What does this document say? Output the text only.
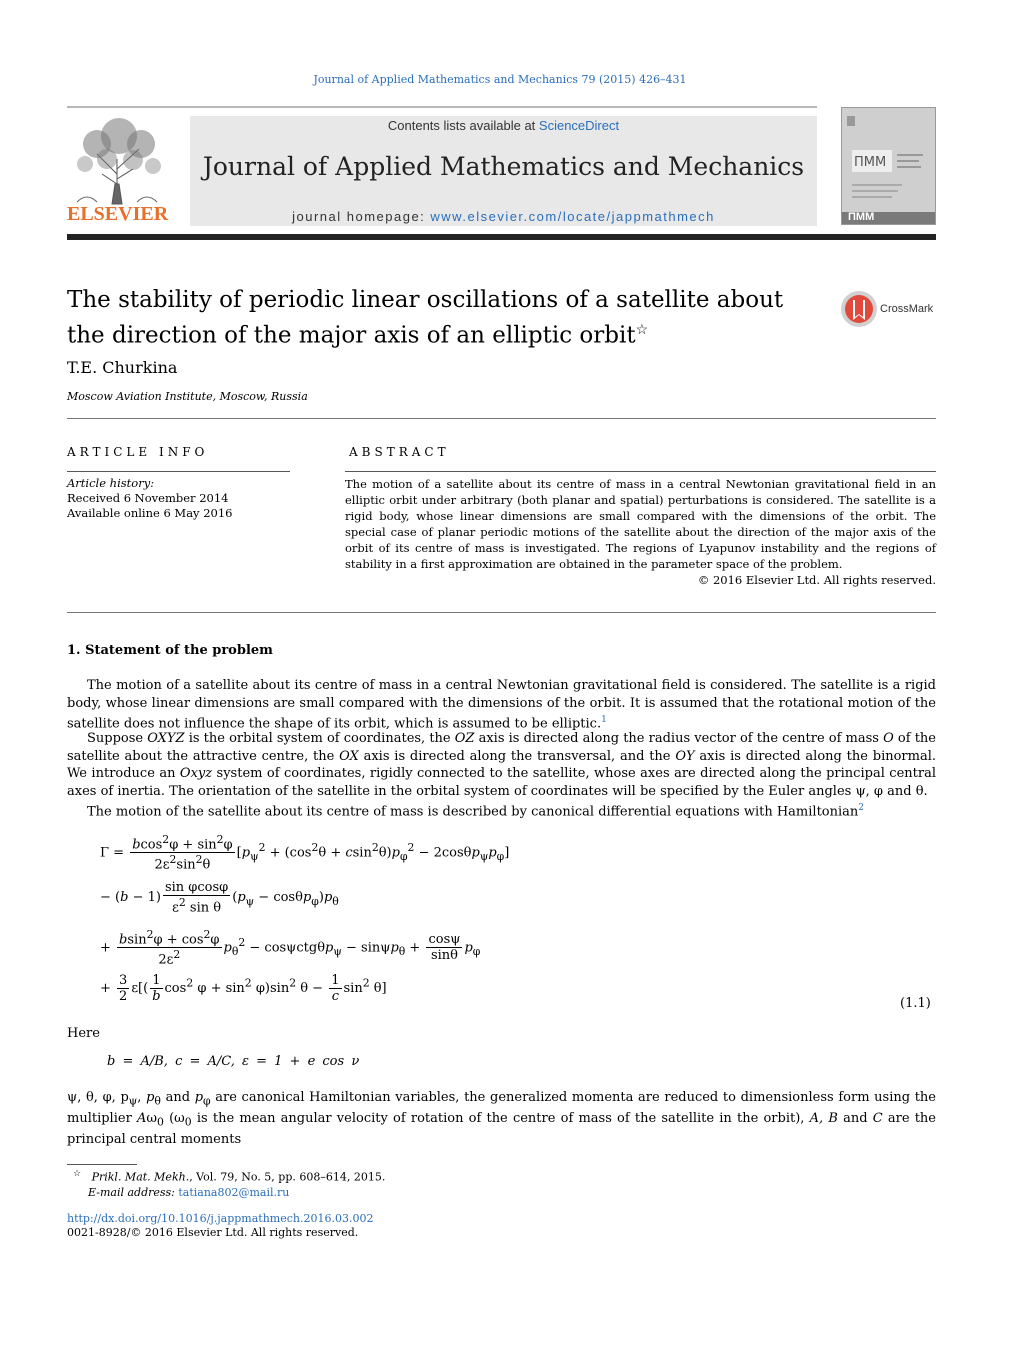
Journal of Applied Mathematics and Mechanics 79 (2015) 426–431
ELSEVIER
Contents lists available at ScienceDirect
Journal of Applied Mathematics and Mechanics
journal homepage: www.elsevier.com/locate/jappmathmech
ПММ
ПММ
The stability of periodic linear oscillations of a satellite about the direction of the major axis of an elliptic orbit☆
CrossMark
T.E. Churkina
Moscow Aviation Institute, Moscow, Russia
ARTICLE INFO	ABSTRACT
Article history:
Received 6 November 2014
Available online 6 May 2016
The motion of a satellite about its centre of mass in a central Newtonian gravitational field in an elliptic orbit under arbitrary (both planar and spatial) perturbations is considered. The satellite is a rigid body, whose linear dimensions are small compared with the dimensions of the orbit. The special case of planar periodic motions of the satellite about the direction of the major axis of the orbit of its centre of mass is investigated. The regions of Lyapunov instability and the regions of stability in a first approximation are obtained in the parameter space of the problem.
© 2016 Elsevier Ltd. All rights reserved.
1. Statement of the problem
The motion of a satellite about its centre of mass in a central Newtonian gravitational field is considered. The satellite is a rigid body, whose linear dimensions are small compared with the dimensions of the orbit. It is assumed that the rotational motion of the satellite does not influence the shape of its orbit, which is assumed to be elliptic.$^1$
Suppose OXYZ is the orbital system of coordinates, the OZ axis is directed along the radius vector of the centre of mass O of the satellite about the attractive centre, the OX axis is directed along the transversal, and the OY axis is directed along the binormal. We introduce an Oxyz system of coordinates, rigidly connected to the satellite, whose axes are directed along the principal central axes of inertia. The orientation of the satellite in the orbital system of coordinates will be specified by the Euler angles ψ, φ and θ.
The motion of the satellite about its centre of mass is described by canonical differential equations with Hamiltonian$^2$
$\Gamma = \frac{bcos^2\varphi + \sin^2\varphi}{2\varepsilon^2\sin^2\theta} [p_\psi^2 + (\cos^2\theta + csin^2\theta)p_\varphi^2 - 2\cos\theta p_\psi p_\varphi]$
− $(b - 1) \frac{\text{sin φcosφ}}{\varepsilon^2 \sin \theta} (p_\psi - \cos\theta p_\varphi)p_\theta$
+ $\frac{bsin^2\varphi + \cos^2\varphi}{2\varepsilon^2} p_\theta^2 - \cos\psi ctg\theta p_\psi - \sin\psi p_\theta + \frac{\cos\psi}{\sin\theta} p_\varphi$
+ $\frac{3}{2} \varepsilon[( \frac{1}{b} \cos^2 \varphi + \sin^2 \varphi)\sin^2$ $\theta - \frac{1}{c} \sin^2 \theta$]
(1.1)
Here
b = A/B, c = A/C, ε = 1 + e cos ν
ψ, θ, φ, $p_\psi$, $p_\theta$ and $p_\varphi$ are canonical Hamiltonian variables, the generalized momenta are reduced to dimensionless form using the multiplier $A\omega_0$ ($\omega_0$ is the mean angular velocity of rotation of the centre of mass of the satellite in the orbit), A, B and C are the principal central moments
☆ Prikl. Mat. Mekh., Vol. 79, No. 5, pp. 608–614, 2015.
E-mail address: tatiana802@mail.ru
http://dx.doi.org/10.1016/j.jappmathmech.2016.03.002
0021-8928/© 2016 Elsevier Ltd. All rights reserved.
